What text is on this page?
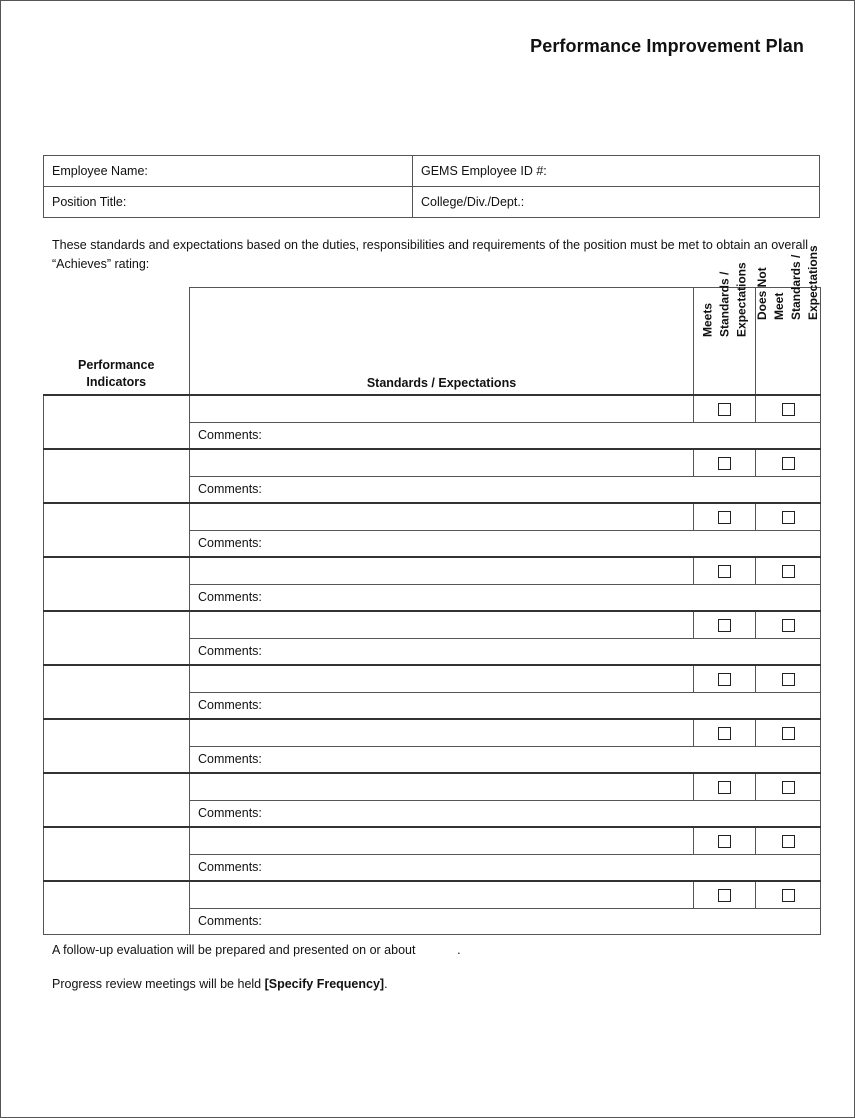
Performance Improvement Plan
Employee Name:	GEMS Employee ID #:
Position Title:	College/Div./Dept.:
These standards and expectations based on the duties, responsibilities and requirements of the position must be met to obtain an overall “Achieves” rating:
Performance
Indicators	Standards / Expectations	Meets
Standards /
Expectations	Does Not Meet
Standards /
Expectations

	Comments:		

	Comments:		

	Comments:		

	Comments:		

	Comments:		

	Comments:		

	Comments:		

	Comments:		

	Comments:		

	Comments:		
A follow-up evaluation will be prepared and presented on or about            .
Progress review meetings will be held [Specify Frequency].
